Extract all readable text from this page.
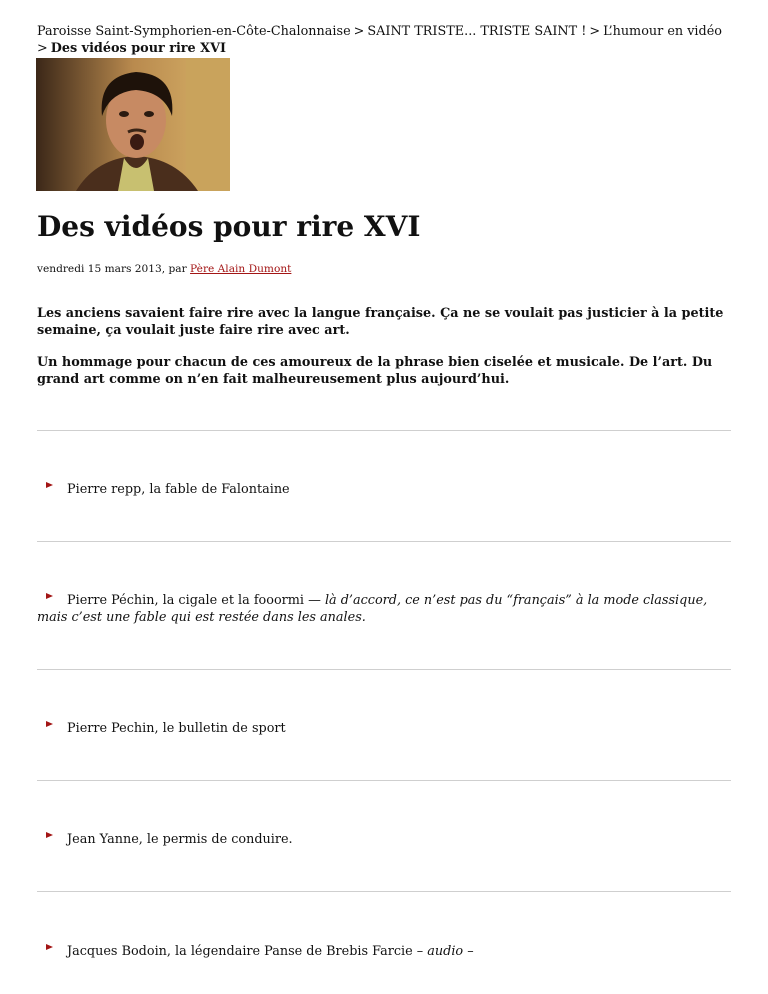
Paroisse Saint-Symphorien-en-Côte-Chalonnaise > SAINT TRISTE... TRISTE SAINT ! > L’humour en vidéo
> Des vidéos pour rire XVI
Des vidéos pour rire XVI
vendredi 15 mars 2013, par Père Alain Dumont

Les anciens savaient faire rire avec la langue française. Ça ne se voulait pas justicier à la petite semaine, ça voulait juste faire rire avec art.

Un hommage pour chacun de ces amoureux de la phrase bien ciselée et musicale. De l’art. Du grand art comme on n’en fait malheureusement plus aujourd’hui.

Pierre repp, la fable de Falontaine
Pierre Péchin, la cigale et la fooormi — là d’accord, ce n’est pas du “français” à la mode classique, mais c’est une fable qui est restée dans les anales.
Pierre Pechin, le bulletin de sport
Jean Yanne, le permis de conduire.
Jacques Bodoin, la légendaire Panse de Brebis Farcie – audio –
